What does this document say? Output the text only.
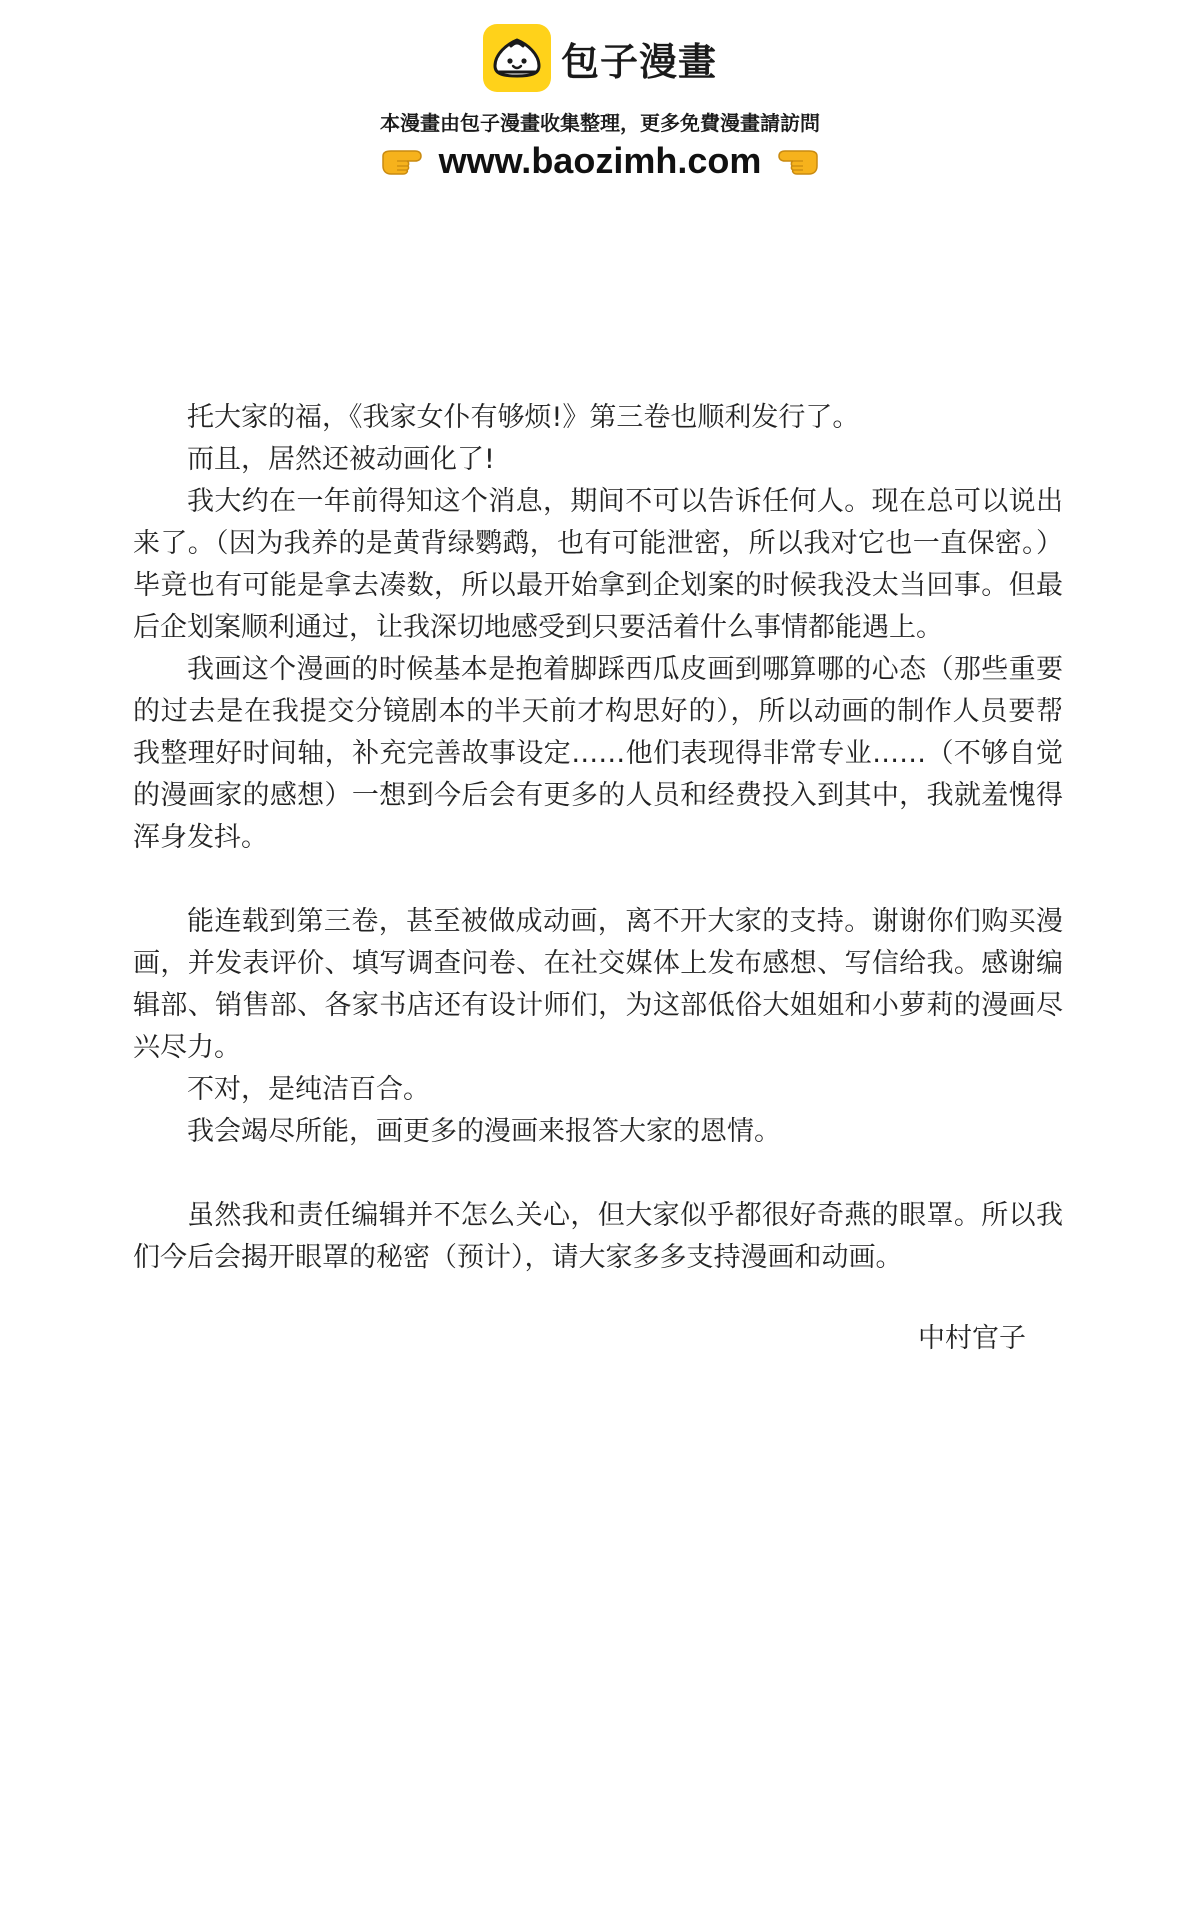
包子漫畫
本漫畫由包子漫畫收集整理，更多免費漫畫請訪問
www.baozimh.com

托大家的福，《我家女仆有够烦!》第三卷也顺利发行了。

而且，居然还被动画化了!

我大约在一年前得知这个消息，期间不可以告诉任何人。现在总可以说出来了。（因为我养的是黄背绿鹦鹉，也有可能泄密，所以我对它也一直保密。）毕竟也有可能是拿去凑数，所以最开始拿到企划案的时候我没太当回事。但最后企划案顺利通过，让我深切地感受到只要活着什么事情都能遇上。

我画这个漫画的时候基本是抱着脚踩西瓜皮画到哪算哪的心态（那些重要的过去是在我提交分镜剧本的半天前才构思好的），所以动画的制作人员要帮我整理好时间轴，补充完善故事设定……他们表现得非常专业……（不够自觉的漫画家的感想）一想到今后会有更多的人员和经费投入到其中，我就羞愧得浑身发抖。

能连载到第三卷，甚至被做成动画，离不开大家的支持。谢谢你们购买漫画，并发表评价、填写调查问卷、在社交媒体上发布感想、写信给我。感谢编辑部、销售部、各家书店还有设计师们，为这部低俗大姐姐和小萝莉的漫画尽兴尽力。

不对，是纯洁百合。

我会竭尽所能，画更多的漫画来报答大家的恩情。

虽然我和责任编辑并不怎么关心，但大家似乎都很好奇燕的眼罩。所以我们今后会揭开眼罩的秘密（预计），请大家多多支持漫画和动画。

中村官子
